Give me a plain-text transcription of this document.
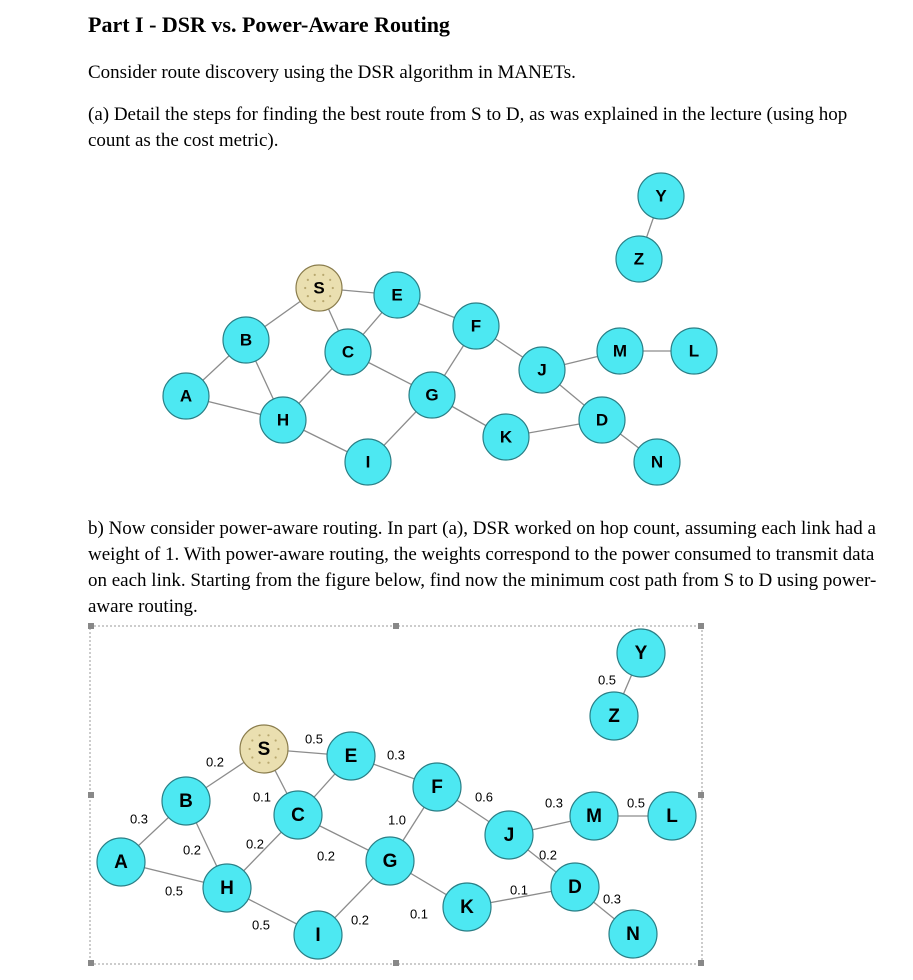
Part I - DSR vs. Power-Aware Routing

Consider route discovery using the DSR algorithm in MANETs.

(a) Detail the steps for finding the best route from S to D, as was explained in the lecture (using hop count as the cost metric).

b) Now consider power-aware routing. In part (a), DSR worked on hop count, assuming each link had a weight of 1. With power-aware routing, the weights correspond to the power consumed to transmit data on each link. Starting from the figure below, find now the minimum cost path from S to D using power-aware routing.

S	E
B
C
F
A
H
G
I
K
J
D
M	L
N
Z
Y
0.5
0.2
0.1
0.3
0.3
0.2
0.5
0.2
0.5
0.2
0.2
1.0
0.1
0.6
0.1
0.3
0.2
0.5
0.3
0.5
S	E
B
C
F
A
H
G
I
K
J
D
M	L
N
Z
Y
